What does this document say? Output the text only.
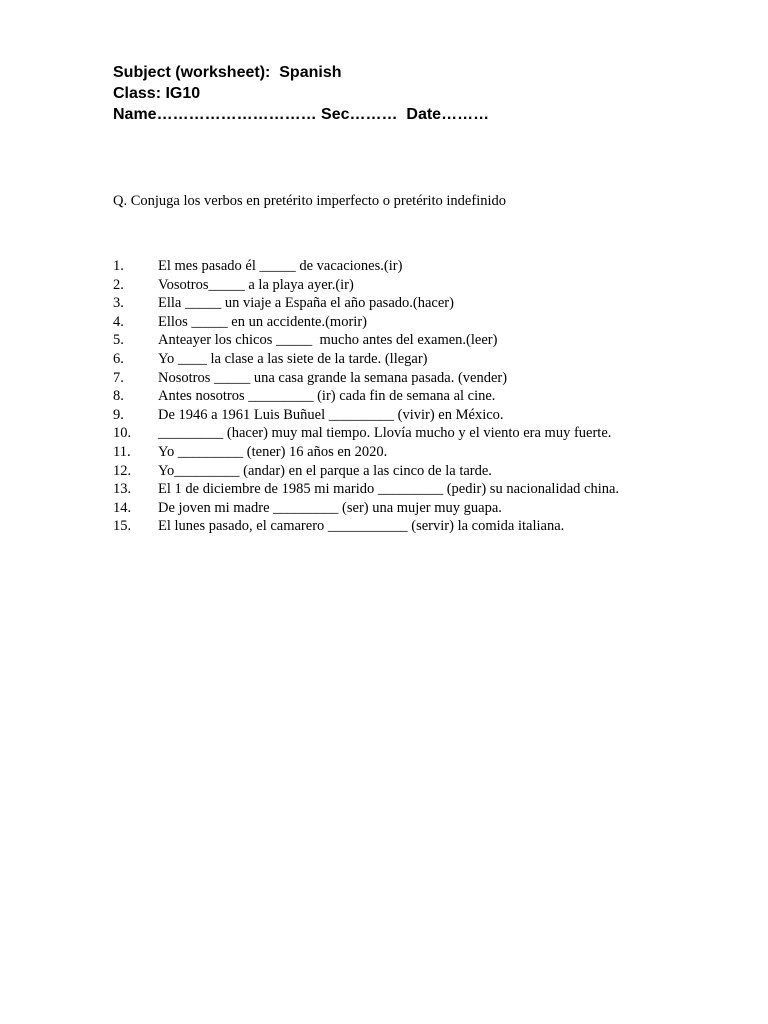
Subject (worksheet):  Spanish
Class: IG10
Name………………………… Sec………  Date………
Q. Conjuga los verbos en pretérito imperfecto o pretérito indefinido
1. El mes pasado él _____ de vacaciones.(ir)
2. Vosotros_____ a la playa ayer.(ir)
3. Ella _____ un viaje a España el año pasado.(hacer)
4. Ellos _____ en un accidente.(morir)
5. Anteayer los chicos _____  mucho antes del examen.(leer)
6. Yo ____ la clase a las siete de la tarde. (llegar)
7. Nosotros _____ una casa grande la semana pasada. (vender)
8. Antes nosotros _________ (ir) cada fin de semana al cine.
9. De 1946 a 1961 Luis Buñuel _________ (vivir) en México.
10. _________ (hacer) muy mal tiempo. Llovía mucho y el viento era muy fuerte.
11. Yo _________ (tener) 16 años en 2020.
12. Yo_________ (andar) en el parque a las cinco de la tarde.
13. El 1 de diciembre de 1985 mi marido _________ (pedir) su nacionalidad china.
14. De joven mi madre _________ (ser) una mujer muy guapa.
15. El lunes pasado, el camarero ___________ (servir) la comida italiana.
